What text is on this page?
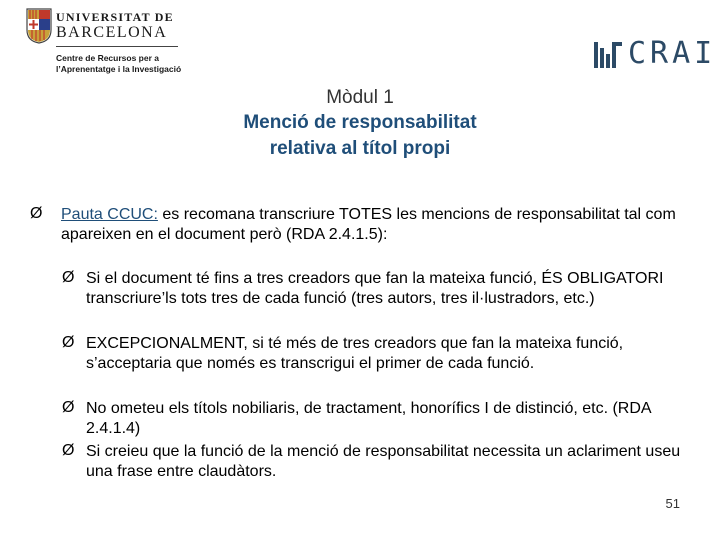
UNIVERSITAT DE
BARCELONA
Centre de Recursos per a
l’Aprenentatge i la Investigació	CRAI
Mòdul 1
Menció de responsabilitat
relativa al títol propi
Ø Pauta CCUC: es recomana transcriure TOTES les mencions de responsabilitat tal com apareixen en el document però (RDA 2.4.1.5):
Ø Si el document té fins a tres creadors que fan la mateixa funció, ÉS OBLIGATORI transcriure’ls tots tres de cada funció (tres autors, tres il·lustradors, etc.)
Ø EXCEPCIONALMENT, si té més de tres creadors que fan la mateixa funció, s’acceptaria que només es transcrigui el primer de cada funció.
Ø No ometeu els títols nobiliaris, de tractament, honorífics I de distinció, etc. (RDA 2.4.1.4)
Ø Si creieu que la funció de la menció de responsabilitat necessita un aclariment useu una frase entre claudàtors.
51
